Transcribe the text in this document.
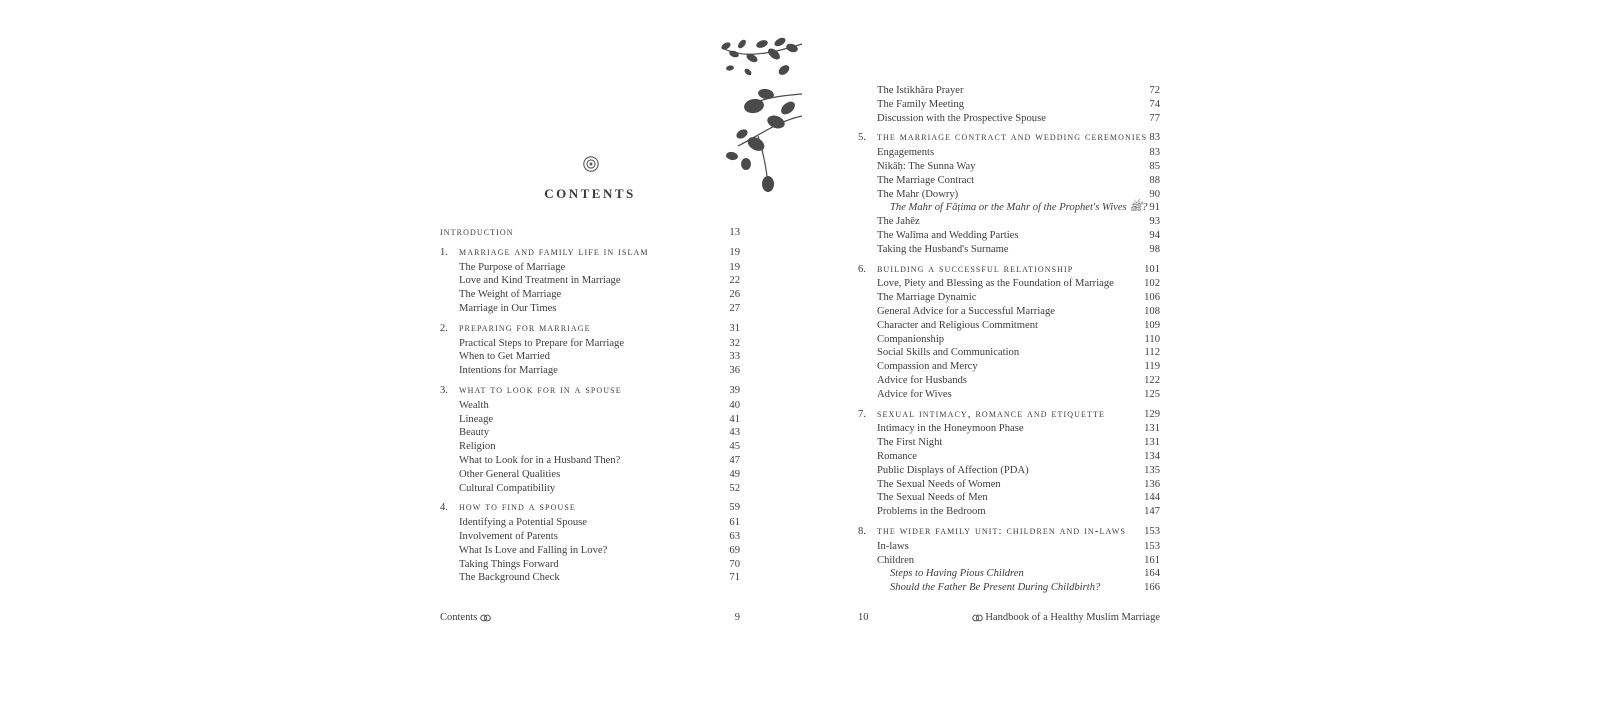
CONTENTS
introduction	13
1. marriage and family life in islam	19
The Purpose of Marriage	19
Love and Kind Treatment in Marriage	22
The Weight of Marriage	26
Marriage in Our Times	27
2. preparing for marriage	31
Practical Steps to Prepare for Marriage	32
When to Get Married	33
Intentions for Marriage	36
3. what to look for in a spouse	39
Wealth	40
Lineage	41
Beauty	43
Religion	45
What to Look for in a Husband Then?	47
Other General Qualities	49
Cultural Compatibility	52
4. how to find a spouse	59
Identifying a Potential Spouse	61
Involvement of Parents	63
What Is Love and Falling in Love?	69
Taking Things Forward	70
The Background Check	71
Contents	9
The Istikhāra Prayer	72
The Family Meeting	74
Discussion with the Prospective Spouse	77
5. the marriage contract and wedding ceremonies 83
Engagements	83
Nikāḥ: The Sunna Way	85
The Marriage Contract	88
The Mahr (Dowry)	90
The Mahr of Fāṭima or the Mahr of the Prophet's Wives ﷺ? 91
The Jahēz	93
The Walīma and Wedding Parties	94
Taking the Husband's Surname	98
6. building a successful relationship	101
Love, Piety and Blessing as the Foundation of Marriage	102
The Marriage Dynamic	106
General Advice for a Successful Marriage	108
Character and Religious Commitment	109
Companionship	110
Social Skills and Communication	112
Compassion and Mercy	119
Advice for Husbands	122
Advice for Wives	125
7. sexual intimacy, romance and etiquette	129
Intimacy in the Honeymoon Phase	131
The First Night	131
Romance	134
Public Displays of Affection (PDA)	135
The Sexual Needs of Women	136
The Sexual Needs of Men	144
Problems in the Bedroom	147
8. the wider family unit: children and in-laws 153
In-laws	153
Children	161
Steps to Having Pious Children	164
Should the Father Be Present During Childbirth?	166
10	Handbook of a Healthy Muslim Marriage
